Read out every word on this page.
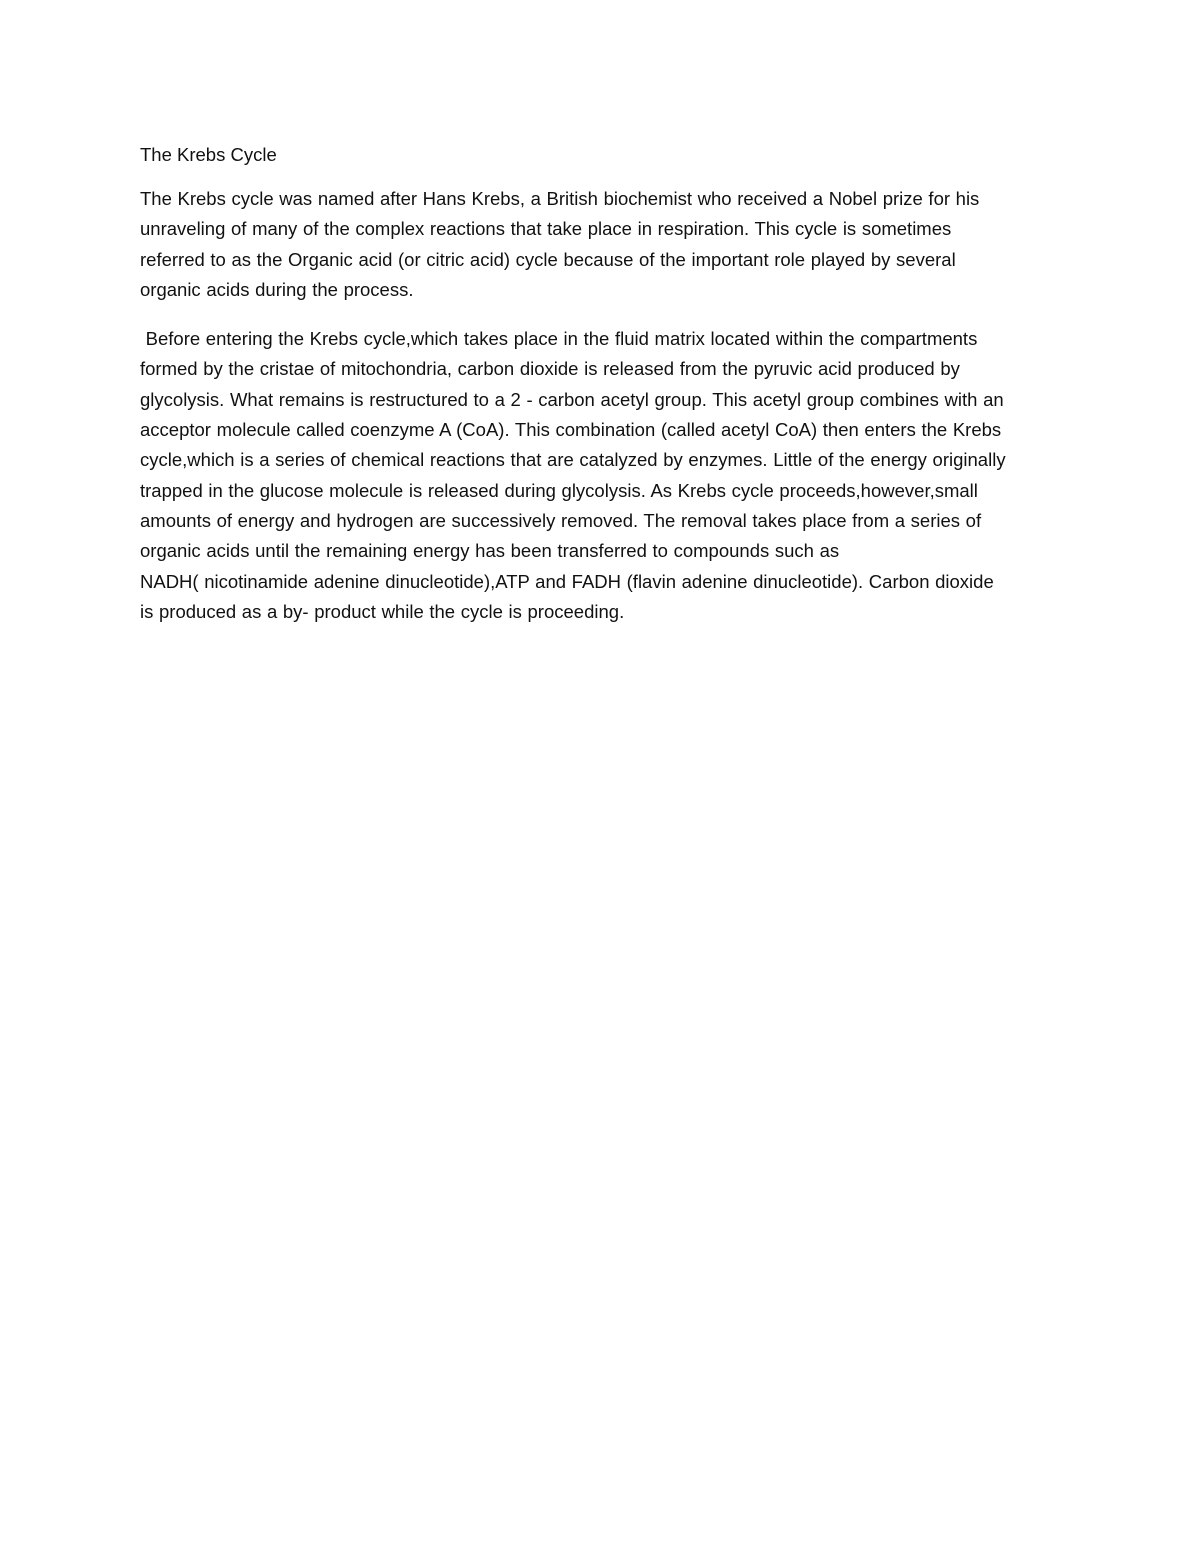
The Krebs Cycle

The Krebs cycle was named after Hans Krebs, a British biochemist who received a Nobel prize for his
unraveling of many of the complex reactions that take place in respiration. This cycle is sometimes
referred to as the Organic acid (or citric acid) cycle because of the important role played by several
organic acids during the process.

Before entering the Krebs cycle,which takes place in the fluid matrix located within the compartments
formed by the cristae of mitochondria, carbon dioxide is released from the pyruvic acid produced by
glycolysis. What remains is restructured to a 2 - carbon acetyl group. This acetyl group combines with an
acceptor molecule called coenzyme A (CoA). This combination (called acetyl CoA) then enters the Krebs
cycle,which is a series of chemical reactions that are catalyzed by enzymes. Little of the energy originally
trapped in the glucose molecule is released during glycolysis. As Krebs cycle proceeds,however,small
amounts of energy and hydrogen are successively removed. The removal takes place from a series of
organic acids until the remaining energy has been transferred to compounds such as
NADH( nicotinamide adenine dinucleotide),ATP and FADH (flavin adenine dinucleotide). Carbon dioxide
is produced as a by- product while the cycle is proceeding.
